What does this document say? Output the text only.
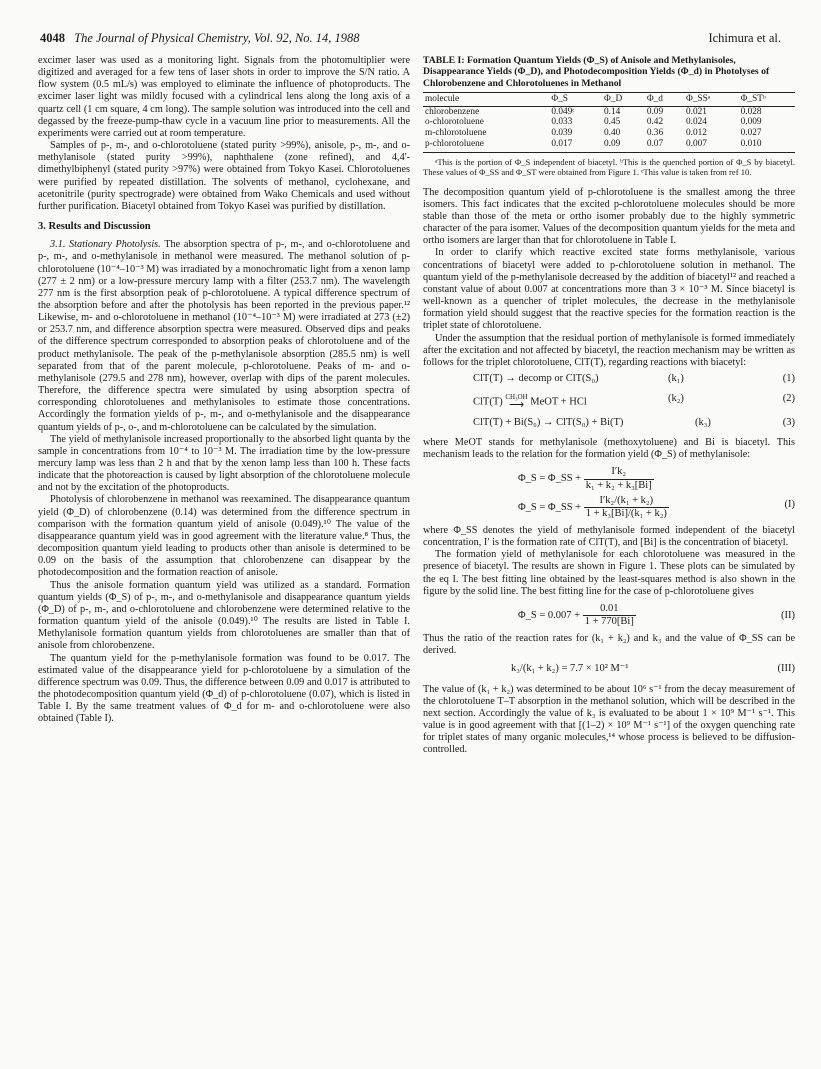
4048 The Journal of Physical Chemistry, Vol. 92, No. 14, 1988	Ichimura et al.

excimer laser was used as a monitoring light. Signals from the photomultiplier were digitized and averaged for a few tens of laser shots in order to improve the S/N ratio. A flow system (0.5 mL/s) was employed to eliminate the influence of photoproducts. The excimer laser light was mildly focused with a cylindrical lens along the long axis of a quartz cell (1 cm square, 4 cm long). The sample solution was introduced into the cell and degassed by the freeze-pump-thaw cycle in a vacuum line prior to measurements. All the experiments were carried out at room temperature.

Samples of p-, m-, and o-chlorotoluene (stated purity >99%), anisole, p-, m-, and o-methylanisole (stated purity >99%), naphthalene (zone refined), and 4,4'-dimethylbiphenyl (stated purity >97%) were obtained from Tokyo Kasei. Chlorotoluenes were purified by repeated distillation. The solvents of methanol, cyclohexane, and acetonitrile (purity spectrograde) were obtained from Wako Chemicals and used without further purification. Biacetyl obtained from Tokyo Kasei was purified by distillation.

3. Results and Discussion

3.1. Stationary Photolysis. The absorption spectra of p-, m-, and o-chlorotoluene and p-, m-, and o-methylanisole in methanol were measured. The methanol solution of p-chlorotoluene (10⁻⁴–10⁻³ M) was irradiated by a monochromatic light from a xenon lamp (277 ± 2 nm) or a low-pressure mercury lamp with a filter (253.7 nm). The wavelength 277 nm is the first absorption peak of p-chlorotoluene. A typical difference spectrum of the absorption before and after the photolysis has been reported in the previous paper.¹² Likewise, m- and o-chlorotoluene in methanol (10⁻⁴–10⁻³ M) were irradiated at 273 (±2) or 253.7 nm, and difference absorption spectra were measured. Observed dips and peaks of the difference spectrum corresponded to absorption peaks of chlorotoluene and of the product methylanisole. The peak of the p-methylanisole absorption (285.5 nm) is well separated from that of the parent molecule, p-chlorotoluene. Peaks of m- and o-methylanisole (279.5 and 278 nm), however, overlap with dips of the parent molecules. Therefore, the difference spectra were simulated by using absorption spectra of corresponding chlorotoluenes and methylanisoles to estimate those concentrations. Accordingly the formation yields of p-, m-, and o-methylanisole and the disappearance quantum yields of p-, o-, and m-chlorotoluene can be calculated by the simulation.

The yield of methylanisole increased proportionally to the absorbed light quanta by the sample in concentrations from 10⁻⁴ to 10⁻³ M. The irradiation time by the low-pressure mercury lamp was less than 2 h and that by the xenon lamp less than 100 h. These facts indicate that the photoreaction is caused by light absorption of the chlorotoluene molecule and not by the excitation of the photoproducts.

Photolysis of chlorobenzene in methanol was reexamined. The disappearance quantum yield (Φ_D) of chlorobenzene (0.14) was determined from the difference spectrum in comparison with the formation quantum yield of anisole (0.049).¹⁰ The value of the disappearance quantum yield was in good agreement with the literature value.⁸ Thus, the decomposition quantum yield leading to products other than anisole is determined to be 0.09 on the basis of the assumption that chlorobenzene can disappear by the photodecomposition and the formation reaction of anisole.

Thus the anisole formation quantum yield was utilized as a standard. Formation quantum yields (Φ_S) of p-, m-, and o-methylanisole and disappearance quantum yields (Φ_D) of p-, m-, and o-chlorotoluene and chlorobenzene were determined relative to the formation quantum yield of the anisole (0.049).¹⁰ The results are listed in Table I. Methylanisole formation quantum yields from chlorotoluenes are smaller than that of anisole from chlorobenzene.

The quantum yield for the p-methylanisole formation was found to be 0.017. The estimated value of the disappearance yield for p-chlorotoluene by a simulation of the difference spectrum was 0.09. Thus, the difference between 0.09 and 0.017 is attributed to the photodecomposition quantum yield (Φ_d) of p-chlorotoluene (0.07), which is listed in Table I. By the same treatment values of Φ_d for m- and o-chlorotoluene were also obtained (Table I).

TABLE I: Formation Quantum Yields (Φ_S) of Anisole and Methylanisoles, Disappearance Yields (Φ_D), and Photodecomposition Yields (Φ_d) in Photolyses of Chlorobenzene and Chlorotoluenes in Methanol
molecule	Φ_S	Φ_D	Φ_d	Φ_SSᵃ	Φ_STᵇ
chlorobenzene	0.049ᶜ	0.14	0.09	0.021	0.028
o-chlorotoluene	0.033	0.45	0.42	0.024	0.009
m-chlorotoluene	0.039	0.40	0.36	0.012	0.027
p-chlorotoluene	0.017	0.09	0.07	0.007	0.010
ᵃThis is the portion of Φ_S independent of biacetyl. ᵇThis is the quenched portion of Φ_S by biacetyl. These values of Φ_SS and Φ_ST were obtained from Figure 1. ᶜThis value is taken from ref 10.

The decomposition quantum yield of p-chlorotoluene is the smallest among the three isomers. This fact indicates that the excited p-chlorotoluene molecules should be more stable than those of the meta or ortho isomer probably due to the highly symmetric character of the para isomer. Values of the decomposition quantum yields for the meta and ortho isomers are larger than that for chlorotoluene in Table I.

In order to clarify which reactive excited state forms methylanisole, various concentrations of biacetyl were added to p-chlorotoluene solution in methanol. The quantum yield of the p-methylanisole decreased by the addition of biacetyl¹² and reached a constant value of about 0.007 at concentrations more than 3 × 10⁻³ M. Since biacetyl is well-known as a quencher of triplet molecules, the decrease in the methylanisole formation yield should suggest that the reactive species for the formation reaction is the triplet state of chlorotoluene.

Under the assumption that the residual portion of methylanisole is formed immediately after the excitation and not affected by biacetyl, the reaction mechanism may be written as follows for the triplet chlorotoluene, ClT(T), regarding reactions with biacetyl:

ClT(T) → decomp or ClT(S₀)	(k₁)	(1)
ClT(T) CH₃OH
⟶ MeOT + HCl	(k₂)	(2)
ClT(T) + Bi(S₀) → ClT(S₀) + Bi(T)	(k₃)	(3)

where MeOT stands for methylanisole (methoxytoluene) and Bi is biacetyl. This mechanism leads to the relation for the formation yield (Φ_S) of methylanisole:

Φ_S = Φ_SS + $\frac{\text{I′k₂}}{\text{k₁ + k₂ + k₃[Bi]}}$
Φ_S = Φ_SS + $\frac{\text{I′k₂/(k₁ + k₂)}}{\text{1 + k₃[Bi]/(k₁ + k₂)}}$	(I)

where Φ_SS denotes the yield of methylanisole formed independent of the biacetyl concentration, I′ is the formation rate of ClT(T), and [Bi] is the concentration of biacetyl.

The formation yield of methylanisole for each chlorotoluene was measured in the presence of biacetyl. The results are shown in Figure 1. These plots can be simulated by the eq I. The best fitting line obtained by the least-squares method is also shown in the figure by the solid line. The best fitting line for the case of p-chlorotoluene gives

Φ_S = $0.007 + \frac{0.01}{1 + 770[Bi]}$	(II)

Thus the ratio of the reaction rates for (k₁ + k₂) and k₃ and the value of Φ_SS can be derived.

k₃/(k₁ + k₂) = 7.7 × 10² M⁻¹	(III)

The value of (k₁ + k₂) was determined to be about 10⁶ s⁻¹ from the decay measurement of the chlorotoluene T–T absorption in the methanol solution, which will be described in the next section. Accordingly the value of k₃ is evaluated to be about 1 × 10⁹ M⁻¹ s⁻¹. This value is in good agreement with that [(1–2) × 10⁹ M⁻¹ s⁻¹] of the oxygen quenching rate for triplet states of many organic molecules,¹⁴ whose process is believed to be diffusion-controlled.
